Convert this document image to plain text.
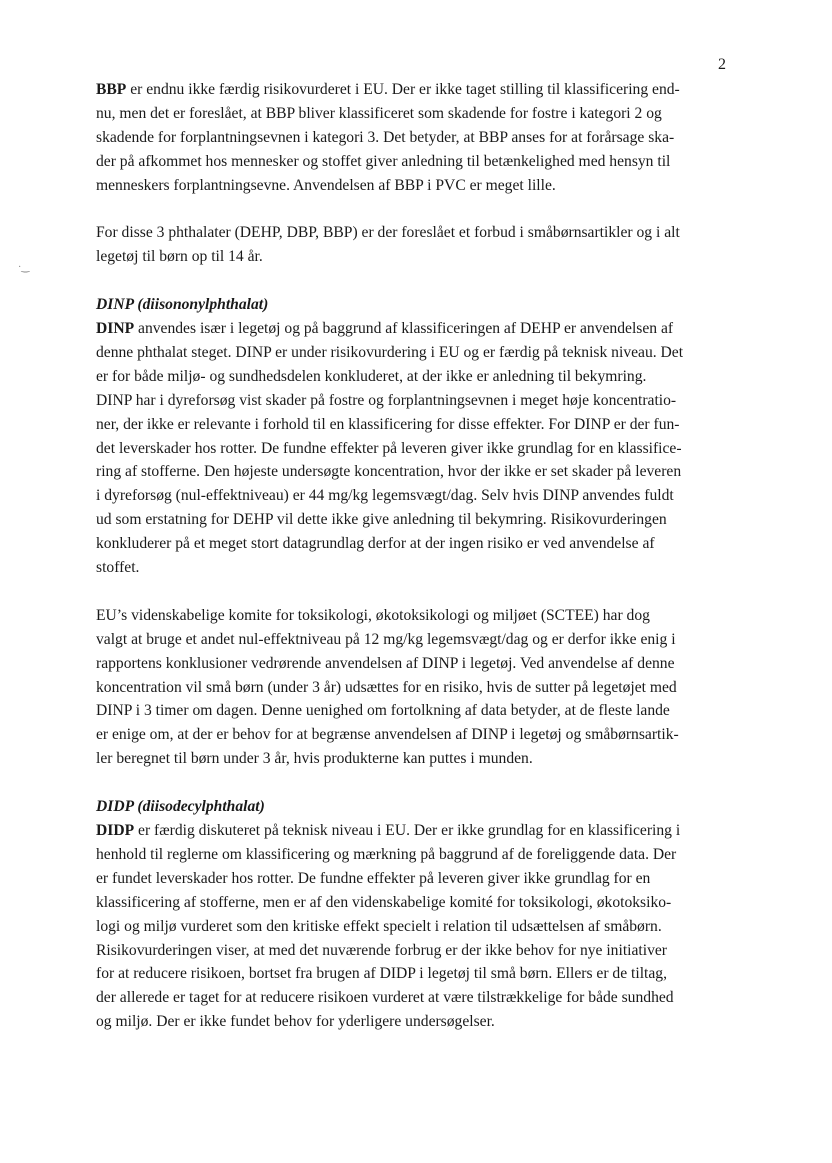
2
·‿
BBP er endnu ikke færdig risikovurderet i EU. Der er ikke taget stilling til klassificering end-
nu, men det er foreslået, at BBP bliver klassificeret som skadende for fostre i kategori 2 og
skadende for forplantningsevnen i kategori 3. Det betyder, at BBP anses for at forårsage ska-
der på afkommet hos mennesker og stoffet giver anledning til betænkelighed med hensyn til
menneskers forplantningsevne. Anvendelsen af BBP i PVC er meget lille.
For disse 3 phthalater (DEHP, DBP, BBP) er der foreslået et forbud i småbørnsartikler og i alt
legetøj til børn op til 14 år.
DINP (diisononylphthalat)
DINP anvendes især i legetøj og på baggrund af klassificeringen af DEHP er anvendelsen af
denne phthalat steget. DINP er under risikovurdering i EU og er færdig på teknisk niveau. Det
er for både miljø- og sundhedsdelen konkluderet, at der ikke er anledning til bekymring.
DINP har i dyreforsøg vist skader på fostre og forplantningsevnen i meget høje koncentratio-
ner, der ikke er relevante i forhold til en klassificering for disse effekter. For DINP er der fun-
det leverskader hos rotter. De fundne effekter på leveren giver ikke grundlag for en klassifice-
ring af stofferne. Den højeste undersøgte koncentration, hvor der ikke er set skader på leveren
i dyreforsøg (nul-effektniveau) er 44 mg/kg legemsvægt/dag. Selv hvis DINP anvendes fuldt
ud som erstatning for DEHP vil dette ikke give anledning til bekymring. Risikovurderingen
konkluderer på et meget stort datagrundlag derfor at der ingen risiko er ved anvendelse af
stoffet.
EU’s videnskabelige komite for toksikologi, økotoksikologi og miljøet (SCTEE) har dog
valgt at bruge et andet nul-effektniveau på 12 mg/kg legemsvægt/dag og er derfor ikke enig i
rapportens konklusioner vedrørende anvendelsen af DINP i legetøj. Ved anvendelse af denne
koncentration vil små børn (under 3 år) udsættes for en risiko, hvis de sutter på legetøjet med
DINP i 3 timer om dagen. Denne uenighed om fortolkning af data betyder, at de fleste lande
er enige om, at der er behov for at begrænse anvendelsen af DINP i legetøj og småbørnsartik-
ler beregnet til børn under 3 år, hvis produkterne kan puttes i munden.
DIDP (diisodecylphthalat)
DIDP er færdig diskuteret på teknisk niveau i EU. Der er ikke grundlag for en klassificering i
henhold til reglerne om klassificering og mærkning på baggrund af de foreliggende data. Der
er fundet leverskader hos rotter. De fundne effekter på leveren giver ikke grundlag for en
klassificering af stofferne, men er af den videnskabelige komité for toksikologi, økotoksiko-
logi og miljø vurderet som den kritiske effekt specielt i relation til udsættelsen af småbørn.
Risikovurderingen viser, at med det nuværende forbrug er der ikke behov for nye initiativer
for at reducere risikoen, bortset fra brugen af DIDP i legetøj til små børn. Ellers er de tiltag,
der allerede er taget for at reducere risikoen vurderet at være tilstrækkelige for både sundhed
og miljø. Der er ikke fundet behov for yderligere undersøgelser.
